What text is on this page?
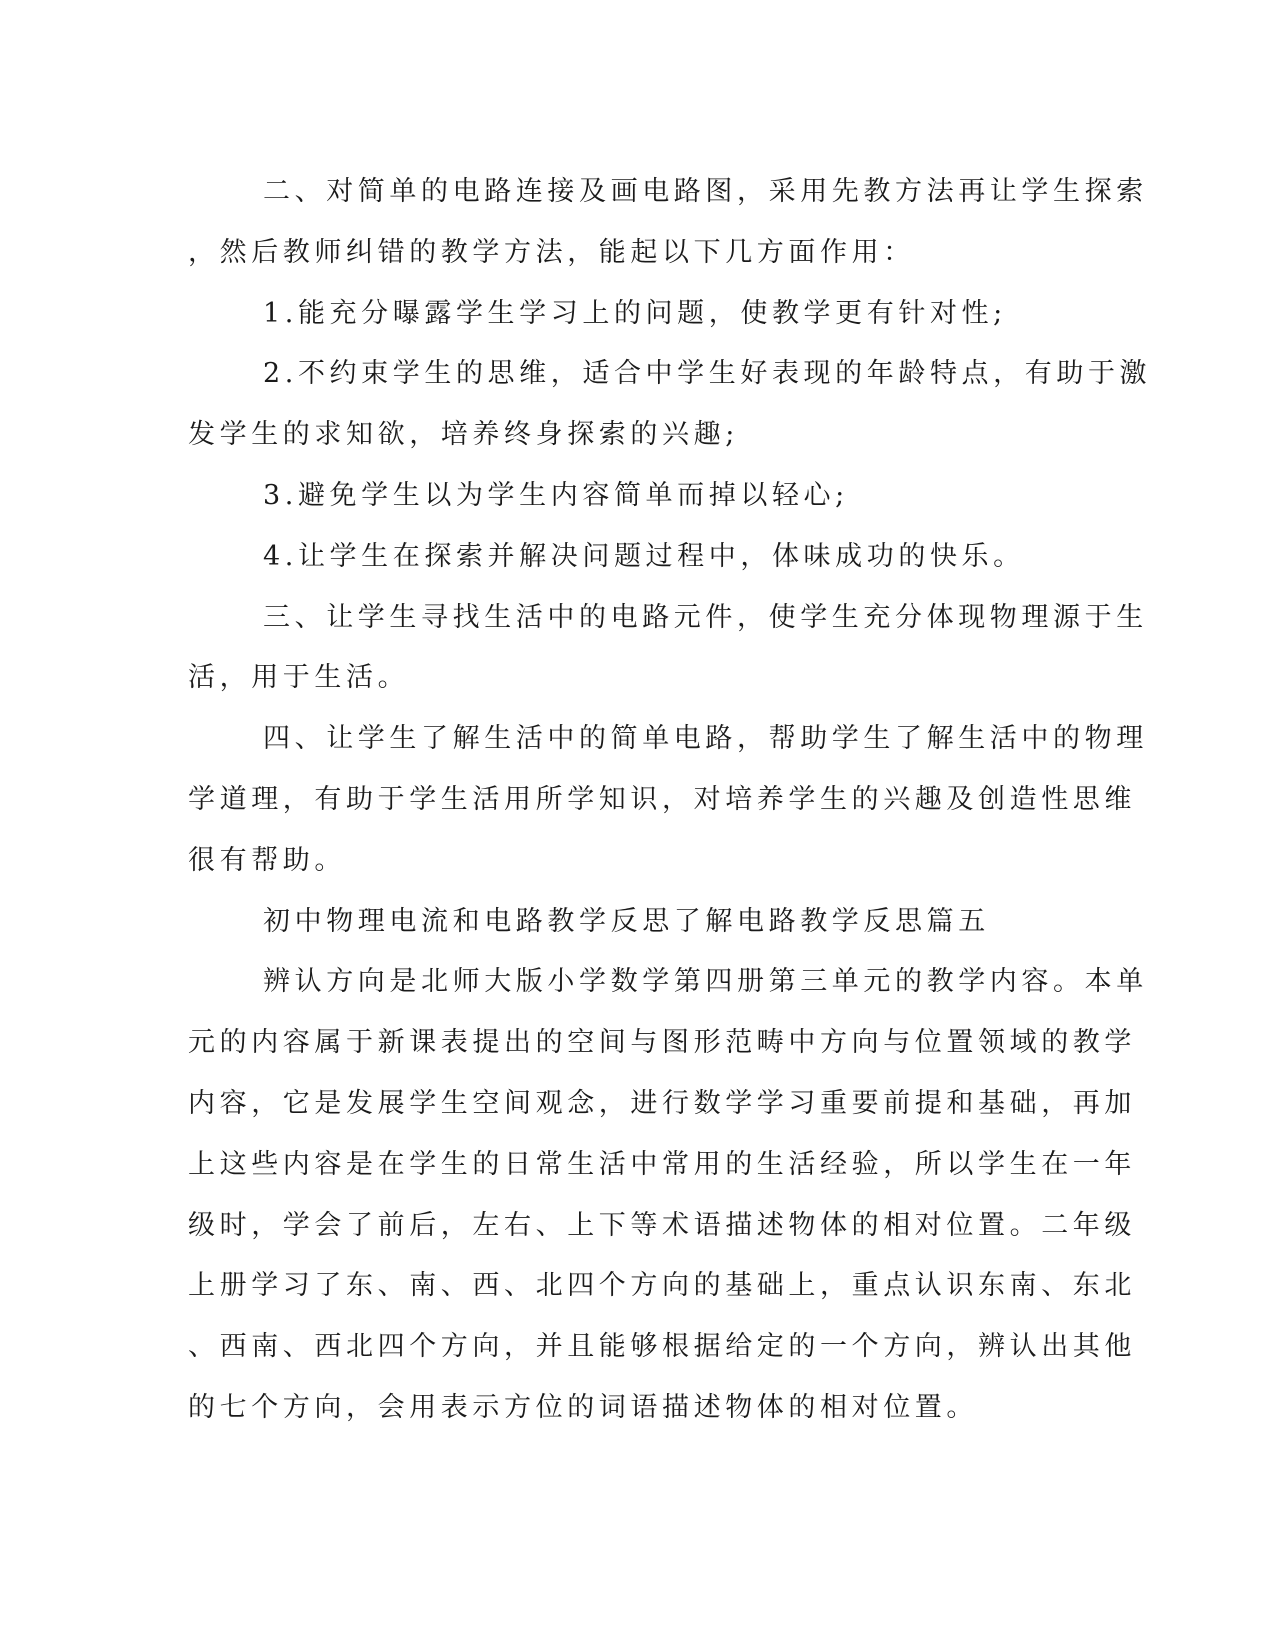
二、对简单的电路连接及画电路图，采用先教方法再让学生探索
，然后教师纠错的教学方法，能起以下几方面作用：

1.能充分曝露学生学习上的问题，使教学更有针对性;

2.不约束学生的思维，适合中学生好表现的年龄特点，有助于激
发学生的求知欲，培养终身探索的兴趣;

3.避免学生以为学生内容简单而掉以轻心;

4.让学生在探索并解决问题过程中，体味成功的快乐。

三、让学生寻找生活中的电路元件，使学生充分体现物理源于生
活，用于生活。

四、让学生了解生活中的简单电路，帮助学生了解生活中的物理
学道理，有助于学生活用所学知识，对培养学生的兴趣及创造性思维
很有帮助。

初中物理电流和电路教学反思了解电路教学反思篇五

辨认方向是北师大版小学数学第四册第三单元的教学内容。本单
元的内容属于新课表提出的空间与图形范畴中方向与位置领域的教学
内容，它是发展学生空间观念，进行数学学习重要前提和基础，再加
上这些内容是在学生的日常生活中常用的生活经验，所以学生在一年
级时，学会了前后，左右、上下等术语描述物体的相对位置。二年级
上册学习了东、南、西、北四个方向的基础上，重点认识东南、东北
、西南、西北四个方向，并且能够根据给定的一个方向，辨认出其他
的七个方向，会用表示方位的词语描述物体的相对位置。
